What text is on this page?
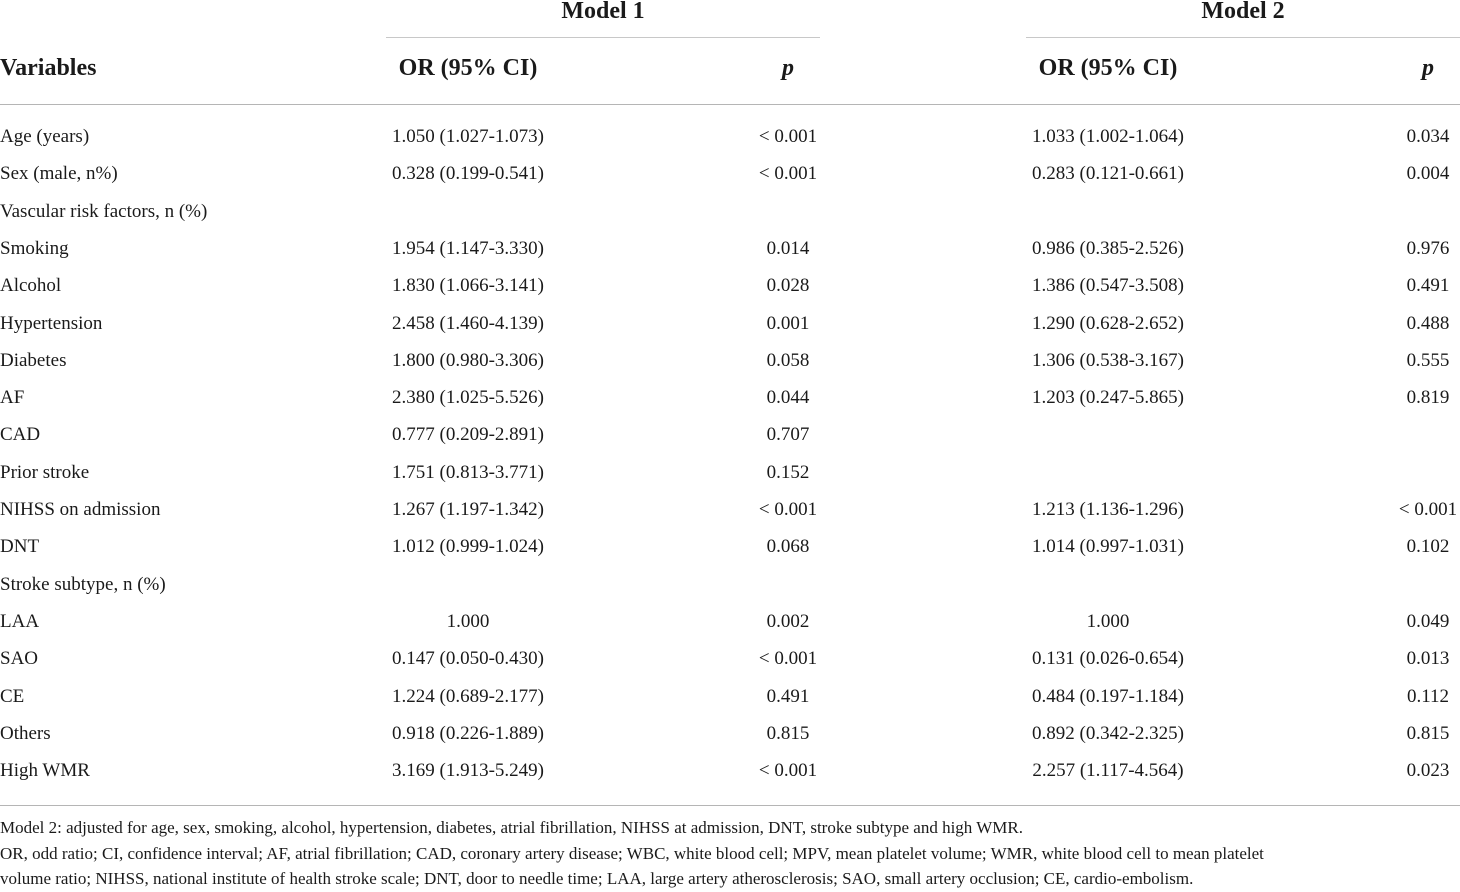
Model 1	Model 2
Variables	OR (95% CI)	p	OR (95% CI)	p
Age (years)	1.050 (1.027-1.073)	< 0.001	1.033 (1.002-1.064)	0.034
Sex (male, n%)	0.328 (0.199-0.541)	< 0.001	0.283 (0.121-0.661)	0.004
Vascular risk factors, n (%)
Smoking	1.954 (1.147-3.330)	0.014	0.986 (0.385-2.526)	0.976
Alcohol	1.830 (1.066-3.141)	0.028	1.386 (0.547-3.508)	0.491
Hypertension	2.458 (1.460-4.139)	0.001	1.290 (0.628-2.652)	0.488
Diabetes	1.800 (0.980-3.306)	0.058	1.306 (0.538-3.167)	0.555
AF	2.380 (1.025-5.526)	0.044	1.203 (0.247-5.865)	0.819
CAD	0.777 (0.209-2.891)	0.707
Prior stroke	1.751 (0.813-3.771)	0.152
NIHSS on admission	1.267 (1.197-1.342)	< 0.001	1.213 (1.136-1.296)	< 0.001
DNT	1.012 (0.999-1.024)	0.068	1.014 (0.997-1.031)	0.102
Stroke subtype, n (%)
LAA	1.000	0.002	1.000	0.049
SAO	0.147 (0.050-0.430)	< 0.001	0.131 (0.026-0.654)	0.013
CE	1.224 (0.689-2.177)	0.491	0.484 (0.197-1.184)	0.112
Others	0.918 (0.226-1.889)	0.815	0.892 (0.342-2.325)	0.815
High WMR	3.169 (1.913-5.249)	< 0.001	2.257 (1.117-4.564)	0.023
Model 2: adjusted for age, sex, smoking, alcohol, hypertension, diabetes, atrial fibrillation, NIHSS at admission, DNT, stroke subtype and high WMR.
OR, odd ratio; CI, confidence interval; AF, atrial fibrillation; CAD, coronary artery disease; WBC, white blood cell; MPV, mean platelet volume; WMR, white blood cell to mean platelet
volume ratio; NIHSS, national institute of health stroke scale; DNT, door to needle time; LAA, large artery atherosclerosis; SAO, small artery occlusion; CE, cardio-embolism.
